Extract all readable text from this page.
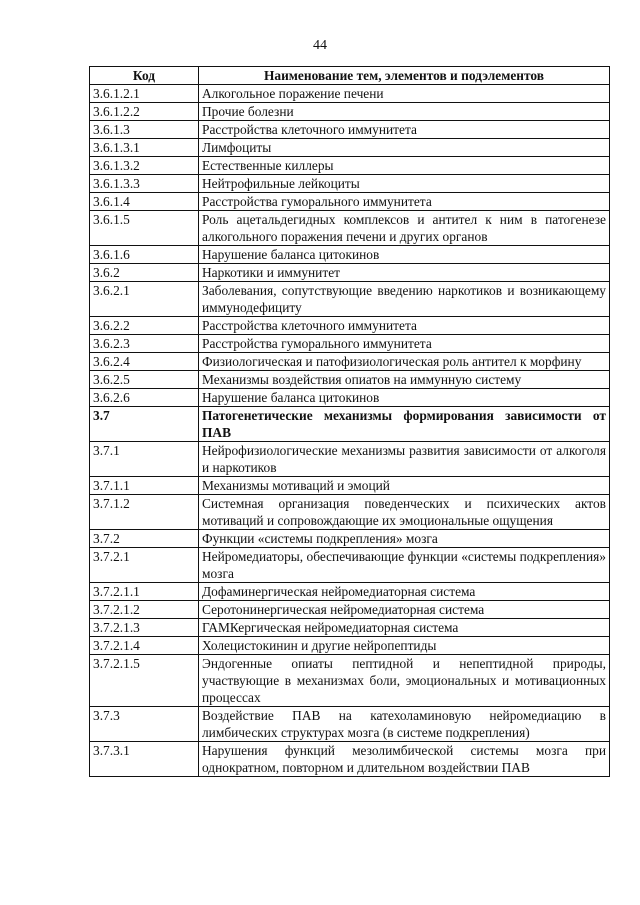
44
Код	Наименование тем, элементов и подэлементов
3.6.1.2.1	Алкогольное поражение печени
3.6.1.2.2	Прочие болезни
3.6.1.3	Расстройства клеточного иммунитета
3.6.1.3.1	Лимфоциты
3.6.1.3.2	Естественные киллеры
3.6.1.3.3	Нейтрофильные лейкоциты
3.6.1.4	Расстройства гуморального иммунитета
3.6.1.5	Роль ацетальдегидных комплексов и антител к ним в патогенезе алкогольного поражения печени и других органов
3.6.1.6	Нарушение баланса цитокинов
3.6.2	Наркотики и иммунитет
3.6.2.1	Заболевания, сопутствующие введению наркотиков и возникающему иммунодефициту
3.6.2.2	Расстройства клеточного иммунитета
3.6.2.3	Расстройства гуморального иммунитета
3.6.2.4	Физиологическая и патофизиологическая роль антител к морфину
3.6.2.5	Механизмы воздействия опиатов на иммунную систему
3.6.2.6	Нарушение баланса цитокинов
3.7	Патогенетические механизмы формирования зависимости от ПАВ
3.7.1	Нейрофизиологические механизмы развития зависимости от алкоголя и наркотиков
3.7.1.1	Механизмы мотиваций и эмоций
3.7.1.2	Системная организация поведенческих и психических актов мотиваций и сопровождающие их эмоциональные ощущения
3.7.2	Функции «системы подкрепления» мозга
3.7.2.1	Нейромедиаторы, обеспечивающие функции «системы подкрепления» мозга
3.7.2.1.1	Дофаминергическая нейромедиаторная система
3.7.2.1.2	Серотонинергическая нейромедиаторная система
3.7.2.1.3	ГАМКергическая нейромедиаторная система
3.7.2.1.4	Холецистокинин и другие нейропептиды
3.7.2.1.5	Эндогенные опиаты пептидной и непептидной природы, участвующие в механизмах боли, эмоциональных и мотивационных процессах
3.7.3	Воздействие ПАВ на катехоламиновую нейромедиацию в лимбических структурах мозга (в системе подкрепления)
3.7.3.1	Нарушения функций мезолимбической системы мозга при однократном, повторном и длительном воздействии ПАВ
